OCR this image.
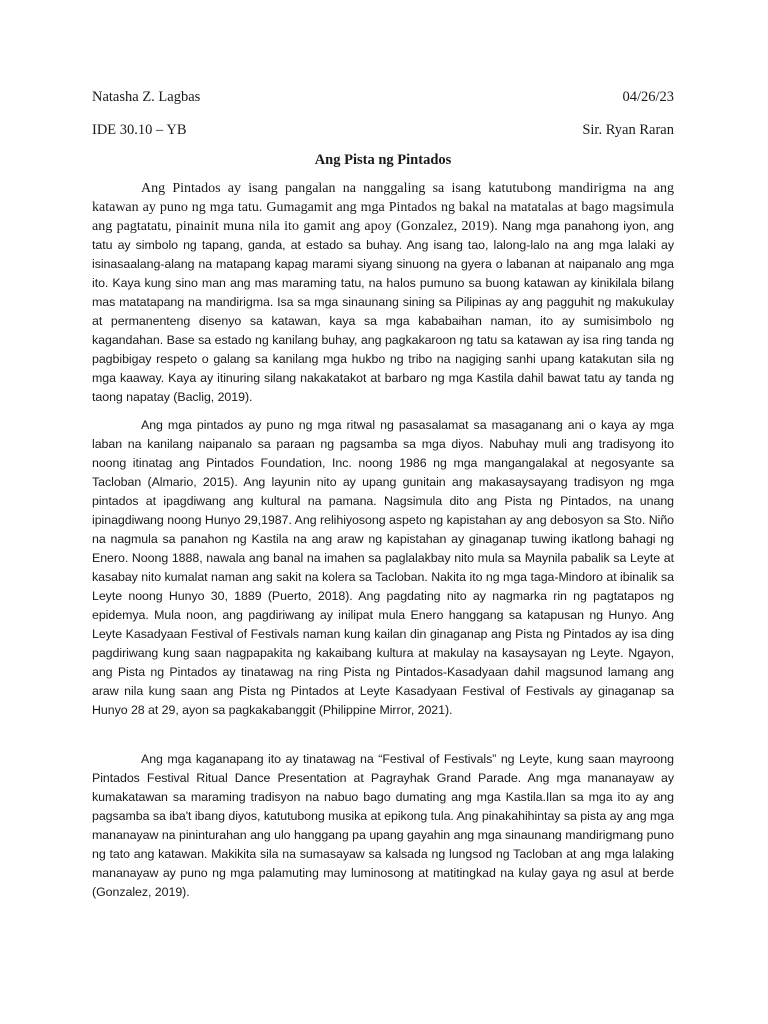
Natasha Z. Lagbas	04/26/23
IDE 30.10 – YB	Sir. Ryan Raran
Ang Pista ng Pintados

Ang Pintados ay isang pangalan na nanggaling sa isang katutubong mandirigma na ang katawan ay puno ng mga tatu. Gumagamit ang mga Pintados ng bakal na matatalas at bago magsimula ang pagtatatu, pinainit muna nila ito gamit ang apoy (Gonzalez, 2019). Nang mga panahong iyon, ang tatu ay simbolo ng tapang, ganda, at estado sa buhay. Ang isang tao, lalong-lalo na ang mga lalaki ay isinasaalang-alang na matapang kapag marami siyang sinuong na gyera o labanan at naipanalo ang mga ito. Kaya kung sino man ang mas maraming tatu, na halos pumuno sa buong katawan ay kinikilala bilang mas matatapang na mandirigma. Isa sa mga sinaunang sining sa Pilipinas ay ang pagguhit ng makukulay at permanenteng disenyo sa katawan, kaya sa mga kababaihan naman, ito ay sumisimbolo ng kagandahan. Base sa estado ng kanilang buhay, ang pagkakaroon ng tatu sa katawan ay isa ring tanda ng pagbibigay respeto o galang sa kanilang mga hukbo ng tribo na nagiging sanhi upang katakutan sila ng mga kaaway. Kaya ay itinuring silang nakakatakot at barbaro ng mga Kastila dahil bawat tatu ay tanda ng taong napatay (Baclig, 2019).

Ang mga pintados ay puno ng mga ritwal ng pasasalamat sa masaganang ani o kaya ay mga laban na kanilang naipanalo sa paraan ng pagsamba sa mga diyos. Nabuhay muli ang tradisyong ito noong itinatag ang Pintados Foundation, Inc. noong 1986 ng mga mangangalakal at negosyante sa Tacloban (Almario, 2015). Ang layunin nito ay upang gunitain ang makasaysayang tradisyon ng mga pintados at ipagdiwang ang kultural na pamana. Nagsimula dito ang Pista ng Pintados, na unang ipinagdiwang noong Hunyo 29,1987. Ang relihiyosong aspeto ng kapistahan ay ang debosyon sa Sto. Niño na nagmula sa panahon ng Kastila na ang araw ng kapistahan ay ginaganap tuwing ikatlong bahagi ng Enero. Noong 1888, nawala ang banal na imahen sa paglalakbay nito mula sa Maynila pabalik sa Leyte at kasabay nito kumalat naman ang sakit na kolera sa Tacloban. Nakita ito ng mga taga-Mindoro at ibinalik sa Leyte noong Hunyo 30, 1889 (Puerto, 2018). Ang pagdating nito ay nagmarka rin ng pagtatapos ng epidemya. Mula noon, ang pagdiriwang ay inilipat mula Enero hanggang sa katapusan ng Hunyo. Ang Leyte Kasadyaan Festival of Festivals naman kung kailan din ginaganap ang Pista ng Pintados ay isa ding pagdiriwang kung saan nagpapakita ng kakaibang kultura at makulay na kasaysayan ng Leyte. Ngayon, ang Pista ng Pintados ay tinatawag na ring Pista ng Pintados-Kasadyaan dahil magsunod lamang ang araw nila kung saan ang Pista ng Pintados at Leyte Kasadyaan Festival of Festivals ay ginaganap sa Hunyo 28 at 29, ayon sa pagkakabanggit (Philippine Mirror, 2021).

Ang mga kaganapang ito ay tinatawag na “Festival of Festivals” ng Leyte, kung saan mayroong Pintados Festival Ritual Dance Presentation at Pagrayhak Grand Parade. Ang mga mananayaw ay kumakatawan sa maraming tradisyon na nabuo bago dumating ang mga Kastila.Ilan sa mga ito ay ang pagsamba sa iba't ibang diyos, katutubong musika at epikong tula. Ang pinakahihintay sa pista ay ang mga mananayaw na pininturahan ang ulo hanggang pa upang gayahin ang mga sinaunang mandirigmang puno ng tato ang katawan. Makikita sila na sumasayaw sa kalsada ng lungsod ng Tacloban at ang mga lalaking mananayaw ay puno ng mga palamuting may luminosong at matitingkad na kulay gaya ng asul at berde (Gonzalez, 2019).
